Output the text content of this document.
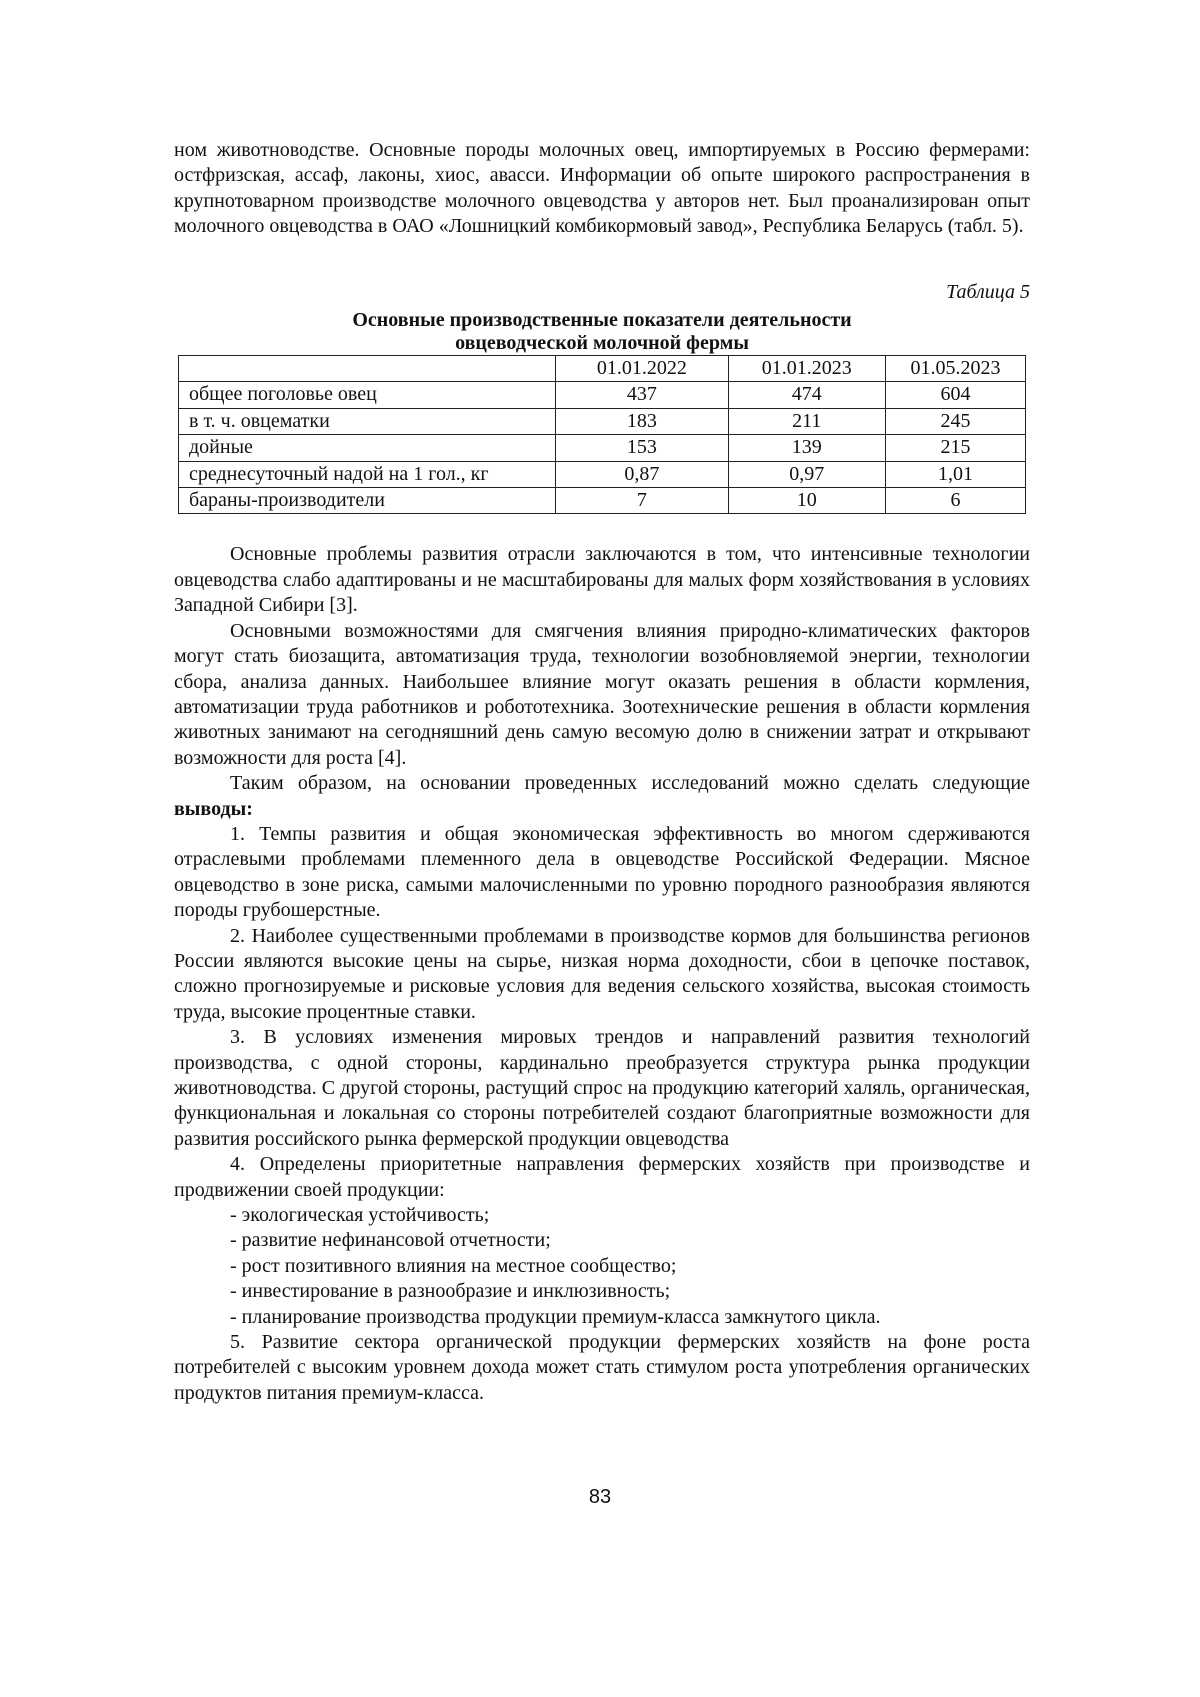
ном животноводстве. Основные породы молочных овец, импортируемых в Россию фермерами: остфризская, ассаф, лаконы, хиос, авасси. Информации об опыте широкого распространения в крупнотоварном производстве молочного овцеводства у авторов нет. Был проанализирован опыт молочного овцеводства в ОАО «Лошницкий комбикормовый завод», Республика Беларусь (табл. 5).

Таблица 5

Основные производственные показатели деятельности
овцеводческой молочной фермы

	01.01.2022	01.01.2023	01.05.2023
общее поголовье овец	437	474	604
в т. ч. овцематки	183	211	245
дойные	153	139	215
среднесуточный надой на 1 гол., кг	0,87	0,97	1,01
бараны-производители	7	10	6

Основные проблемы развития отрасли заключаются в том, что интенсивные технологии овцеводства слабо адаптированы и не масштабированы для малых форм хозяйствования в условиях Западной Сибири [3].

Основными возможностями для смягчения влияния природно-климатических факторов могут стать биозащита, автоматизация труда, технологии возобновляемой энергии, технологии сбора, анализа данных. Наибольшее влияние могут оказать решения в области кормления, автоматизации труда работников и робототехника. Зоотехнические решения в области кормления животных занимают на сегодняшний день самую весомую долю в снижении затрат и открывают возможности для роста [4].

Таким образом, на основании проведенных исследований можно сделать следующие выводы:

1. Темпы развития и общая экономическая эффективность во многом сдерживаются отраслевыми проблемами племенного дела в овцеводстве Российской Федерации. Мясное овцеводство в зоне риска, самыми малочисленными по уровню породного разнообразия являются породы грубошерстные.

2. Наиболее существенными проблемами в производстве кормов для большинства регионов России являются высокие цены на сырье, низкая норма доходности, сбои в цепочке поставок, сложно прогнозируемые и рисковые условия для ведения сельского хозяйства, высокая стоимость труда, высокие процентные ставки.

3. В условиях изменения мировых трендов и направлений развития технологий производства, с одной стороны, кардинально преобразуется структура рынка продукции животноводства. С другой стороны, растущий спрос на продукцию категорий халяль, органическая, функциональная и локальная со стороны потребителей создают благоприятные возможности для развития российского рынка фермерской продукции овцеводства

4. Определены приоритетные направления фермерских хозяйств при производстве и продвижении своей продукции:

- экологическая устойчивость;

- развитие нефинансовой отчетности;

- рост позитивного влияния на местное сообщество;

- инвестирование в разнообразие и инклюзивность;

- планирование производства продукции премиум-класса замкнутого цикла.

5. Развитие сектора органической продукции фермерских хозяйств на фоне роста потребителей с высоким уровнем дохода может стать стимулом роста употребления органических продуктов питания премиум-класса.

83
